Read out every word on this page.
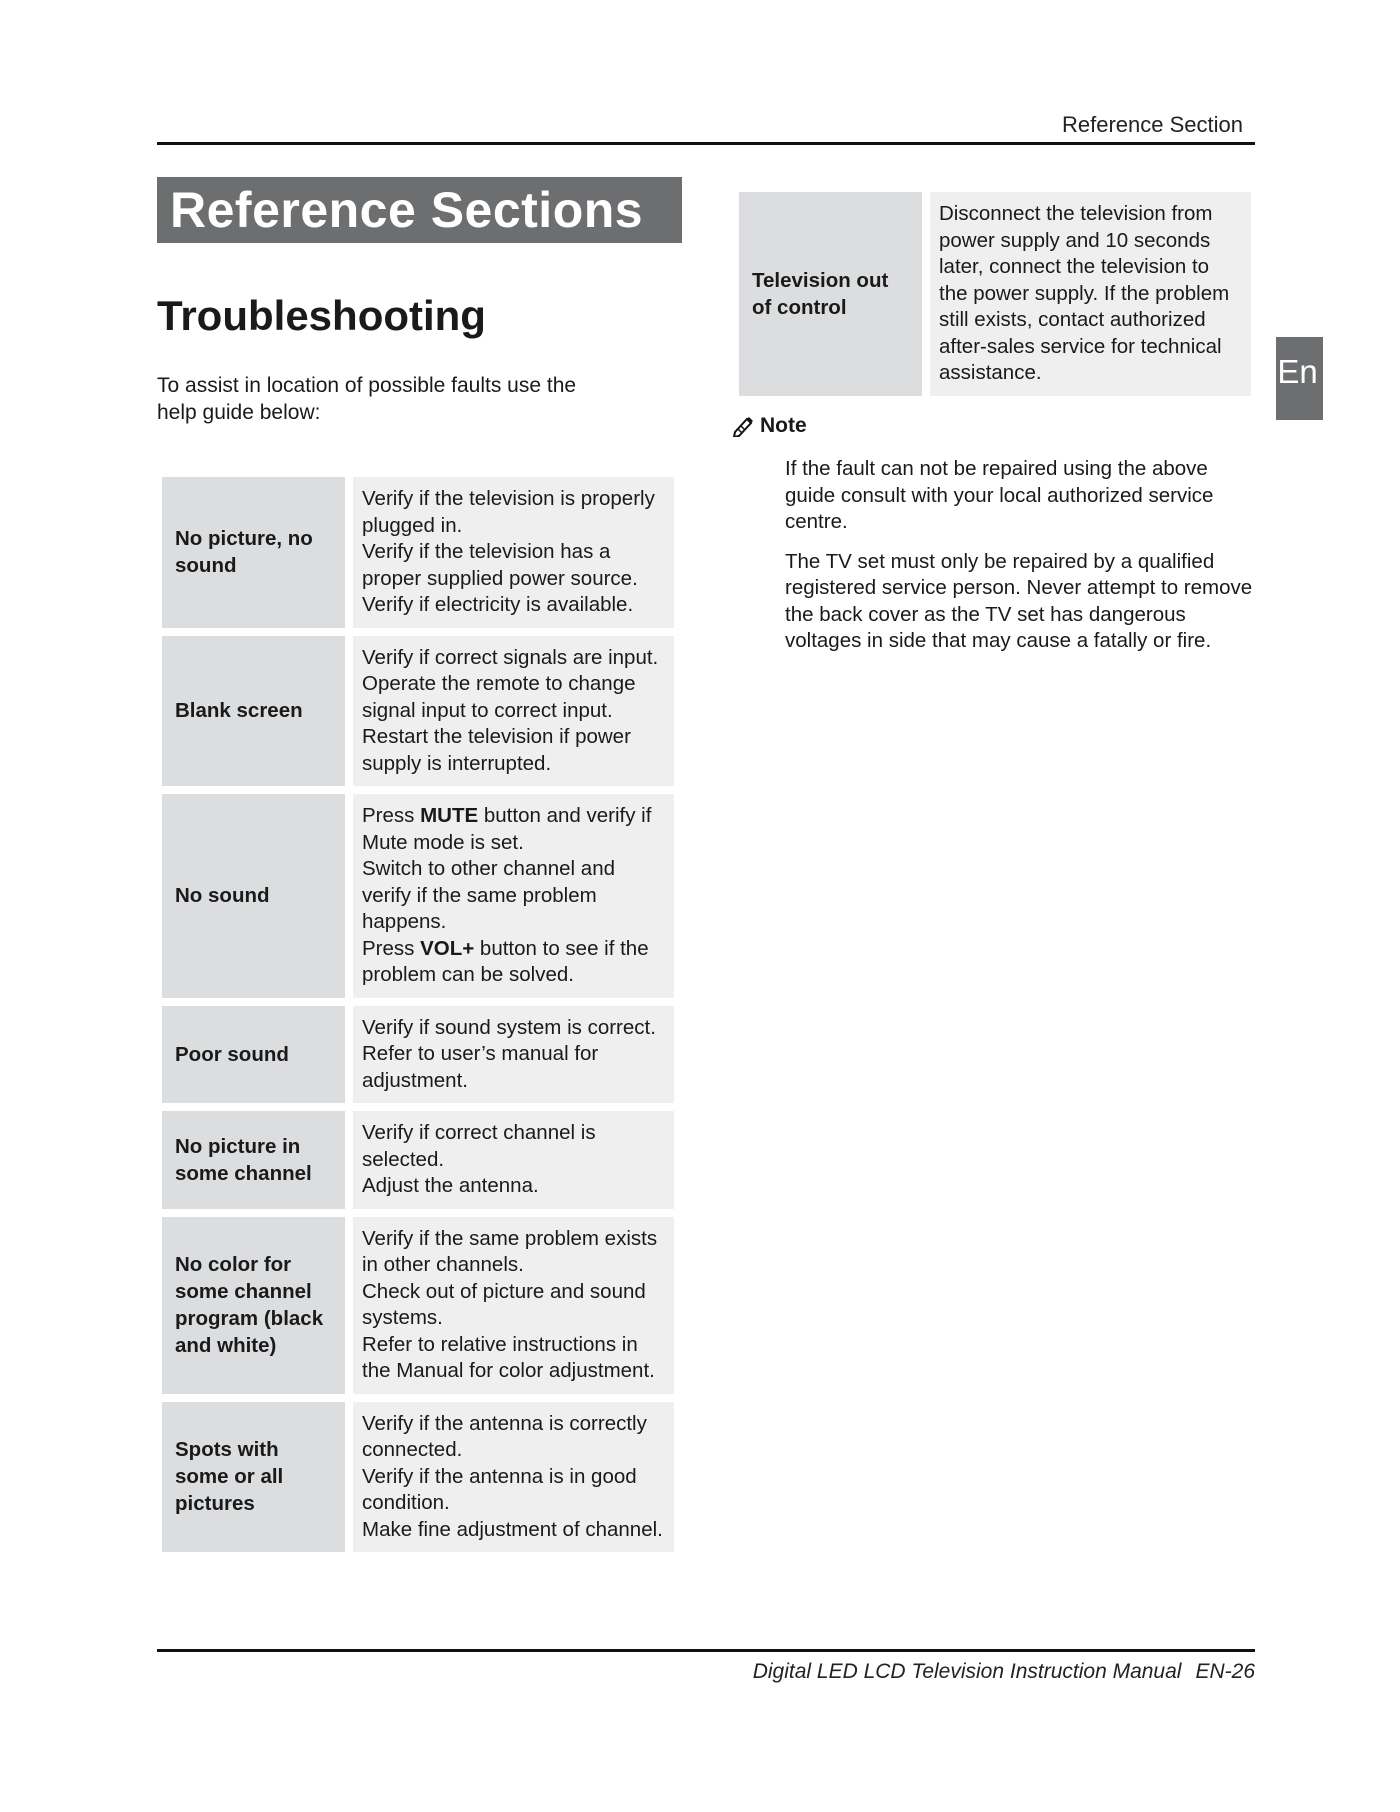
Reference Section
Reference Sections
Troubleshooting
To assist in location of possible faults use the
help guide below:
No picture, no sound
Verify if the television is properly plugged in.
Verify if the television has a proper supplied power source.
Verify if electricity is available.
Blank screen
Verify if correct signals are input.
Operate the remote to change signal input to correct input.
Restart the television if power supply is interrupted.
No sound
Press MUTE button and verify if Mute mode is set.
Switch to other channel and verify if the same problem happens.
Press VOL+ button to see if the problem can be solved.
Poor sound
Verify if sound system is correct.
Refer to user’s manual for adjustment.
No picture in some channel
Verify if correct channel is selected.
Adjust the antenna.
No color for some channel program (black and white)
Verify if the same problem exists in other channels.
Check out of picture and sound systems.
Refer to relative instructions in the Manual for color adjustment.
Spots with some or all pictures
Verify if the antenna is correctly connected.
Verify if the antenna is in good condition.
Make fine adjustment of channel.
Television out of control
Disconnect the television from power supply and 10 seconds later, connect the television to the power supply. If the problem still exists, contact authorized after-sales service for technical assistance.
Note

If the fault can not be repaired using the above guide consult with your local authorized service centre.

The TV set must only be repaired by a qualified registered service person. Never attempt to remove the back cover as the TV set has dangerous voltages in side that may cause a fatally or fire.

En
Digital LED LCD Television Instruction Manual EN-26
